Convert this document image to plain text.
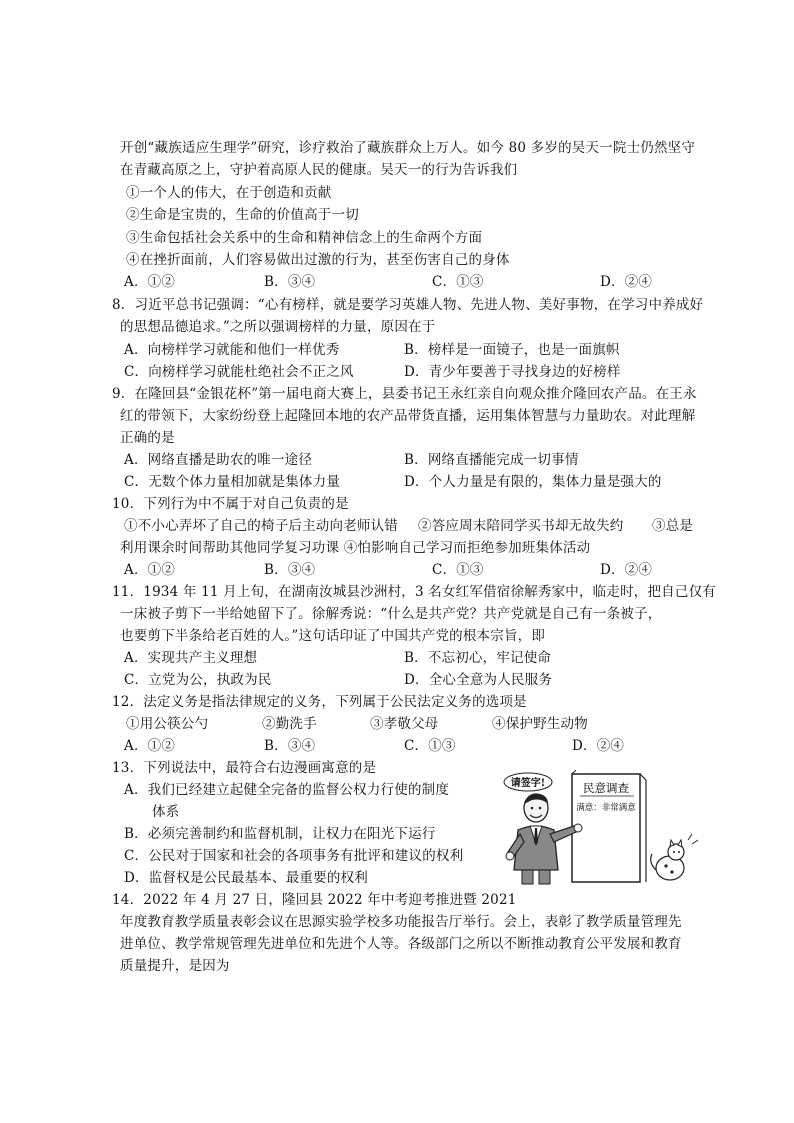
开创“藏族适应生理学”研究，诊疗救治了藏族群众上万人。如今 80 多岁的吴天一院士仍然坚守
在青藏高原之上，守护着高原人民的健康。吴天一的行为告诉我们
①一个人的伟大，在于创造和贡献
②生命是宝贵的，生命的价值高于一切
③生命包括社会关系中的生命和精神信念上的生命两个方面
④在挫折面前，人们容易做出过激的行为，甚至伤害自己的身体
A．①②	B．③④	C．①③	D．②④
8．习近平总书记强调：“心有榜样，就是要学习英雄人物、先进人物、美好事物，在学习中养成好
的思想品德追求。”之所以强调榜样的力量，原因在于
A．向榜样学习就能和他们一样优秀	B．榜样是一面镜子，也是一面旗帜
C．向榜样学习就能杜绝社会不正之风	D．青少年要善于寻找身边的好榜样
9．在隆回县“金银花杯”第一届电商大赛上，县委书记王永红亲自向观众推介隆回农产品。在王永
红的带领下，大家纷纷登上起隆回本地的农产品带货直播，运用集体智慧与力量助农。对此理解
正确的是
A．网络直播是助农的唯一途径	B．网络直播能完成一切事情
C．无数个体力量相加就是集体力量	D．个人力量是有限的，集体力量是强大的
10．下列行为中不属于对自己负责的是
①不小心弄坏了自己的椅子后主动向老师认错 ②答应周末陪同学买书却无故失约 ③总是
利用课余时间帮助其他同学复习功课 ④怕影响自己学习而拒绝参加班集体活动
A．①②	B．③④	C．①③	D．②④
11．1934 年 11 月上旬，在湖南汝城县沙洲村，3 名女红军借宿徐解秀家中，临走时，把自己仅有
一床被子剪下一半给她留下了。徐解秀说：“什么是共产党？共产党就是自己有一条被子，
也要剪下半条给老百姓的人。”这句话印证了中国共产党的根本宗旨，即
A．实现共产主义理想	B．不忘初心，牢记使命
C．立党为公，执政为民	D．全心全意为人民服务
12．法定义务是指法律规定的义务，下列属于公民法定义务的选项是
①用公筷公勺	②勤洗手	③孝敬父母	④保护野生动物
A．①②	B．③④	C．①③	D．②④
13．下列说法中，最符合右边漫画寓意的是
A．我们已经建立起健全完备的监督公权力行使的制度
体系
B．必须完善制约和监督机制，让权力在阳光下运行
C．公民对于国家和社会的各项事务有批评和建议的权利
D．监督权是公民最基本、最重要的权利
民意调查
满意：非常满意
请签字!
14．2022 年 4 月 27 日，隆回县 2022 年中考迎考推进暨 2021
年度教育教学质量表彰会议在思源实验学校多功能报告厅举行。会上，表彰了教学质量管理先
进单位、教学常规管理先进单位和先进个人等。各级部门之所以不断推动教育公平发展和教育
质量提升，是因为
